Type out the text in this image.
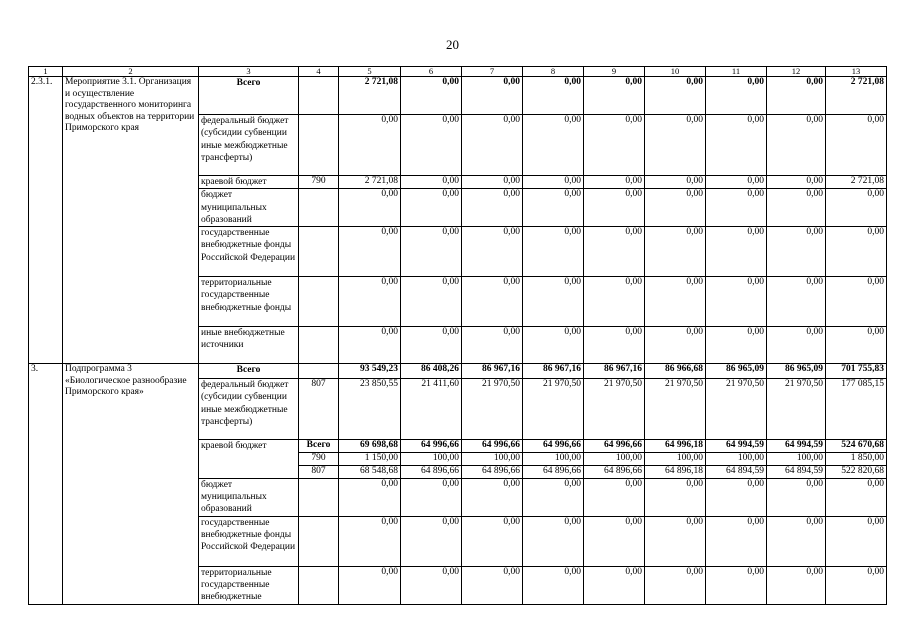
20
1	2	3	4	5	6	7	8	9	10	11	12	13
2.3.1.	Мероприятие 3.1. Организация и осуществление государственного мониторинга водных объектов на территории Приморского края	Всего		2 721,08	0,00	0,00	0,00	0,00	0,00	0,00	0,00	2 721,08
		федеральный бюджет (субсидии субвенции иные межбюджетные трансферты)		0,00	0,00	0,00	0,00	0,00	0,00	0,00	0,00	0,00
		краевой бюджет	790	2 721,08	0,00	0,00	0,00	0,00	0,00	0,00	0,00	2 721,08
		бюджет муниципальных образований		0,00	0,00	0,00	0,00	0,00	0,00	0,00	0,00	0,00
		государственные внебюджетные фонды Российской Федерации		0,00	0,00	0,00	0,00	0,00	0,00	0,00	0,00	0,00
		территориальные государственные внебюджетные фонды		0,00	0,00	0,00	0,00	0,00	0,00	0,00	0,00	0,00
		иные внебюджетные источники		0,00	0,00	0,00	0,00	0,00	0,00	0,00	0,00	0,00
3.	Подпрограмма 3 «Биологическое разнообразие Приморского края»	Всего		93 549,23	86 408,26	86 967,16	86 967,16	86 967,16	86 966,68	86 965,09	86 965,09	701 755,83
		федеральный бюджет (субсидии субвенции иные межбюджетные трансферты)	807	23 850,55	21 411,60	21 970,50	21 970,50	21 970,50	21 970,50	21 970,50	21 970,50	177 085,15
		краевой бюджет	Всего	69 698,68	64 996,66	64 996,66	64 996,66	64 996,66	64 996,18	64 994,59	64 994,59	524 670,68
			790	1 150,00	100,00	100,00	100,00	100,00	100,00	100,00	100,00	1 850,00
			807	68 548,68	64 896,66	64 896,66	64 896,66	64 896,66	64 896,18	64 894,59	64 894,59	522 820,68
		бюджет муниципальных образований		0,00	0,00	0,00	0,00	0,00	0,00	0,00	0,00	0,00
		государственные внебюджетные фонды Российской Федерации		0,00	0,00	0,00	0,00	0,00	0,00	0,00	0,00	0,00
		территориальные государственные внебюджетные		0,00	0,00	0,00	0,00	0,00	0,00	0,00	0,00	0,00
